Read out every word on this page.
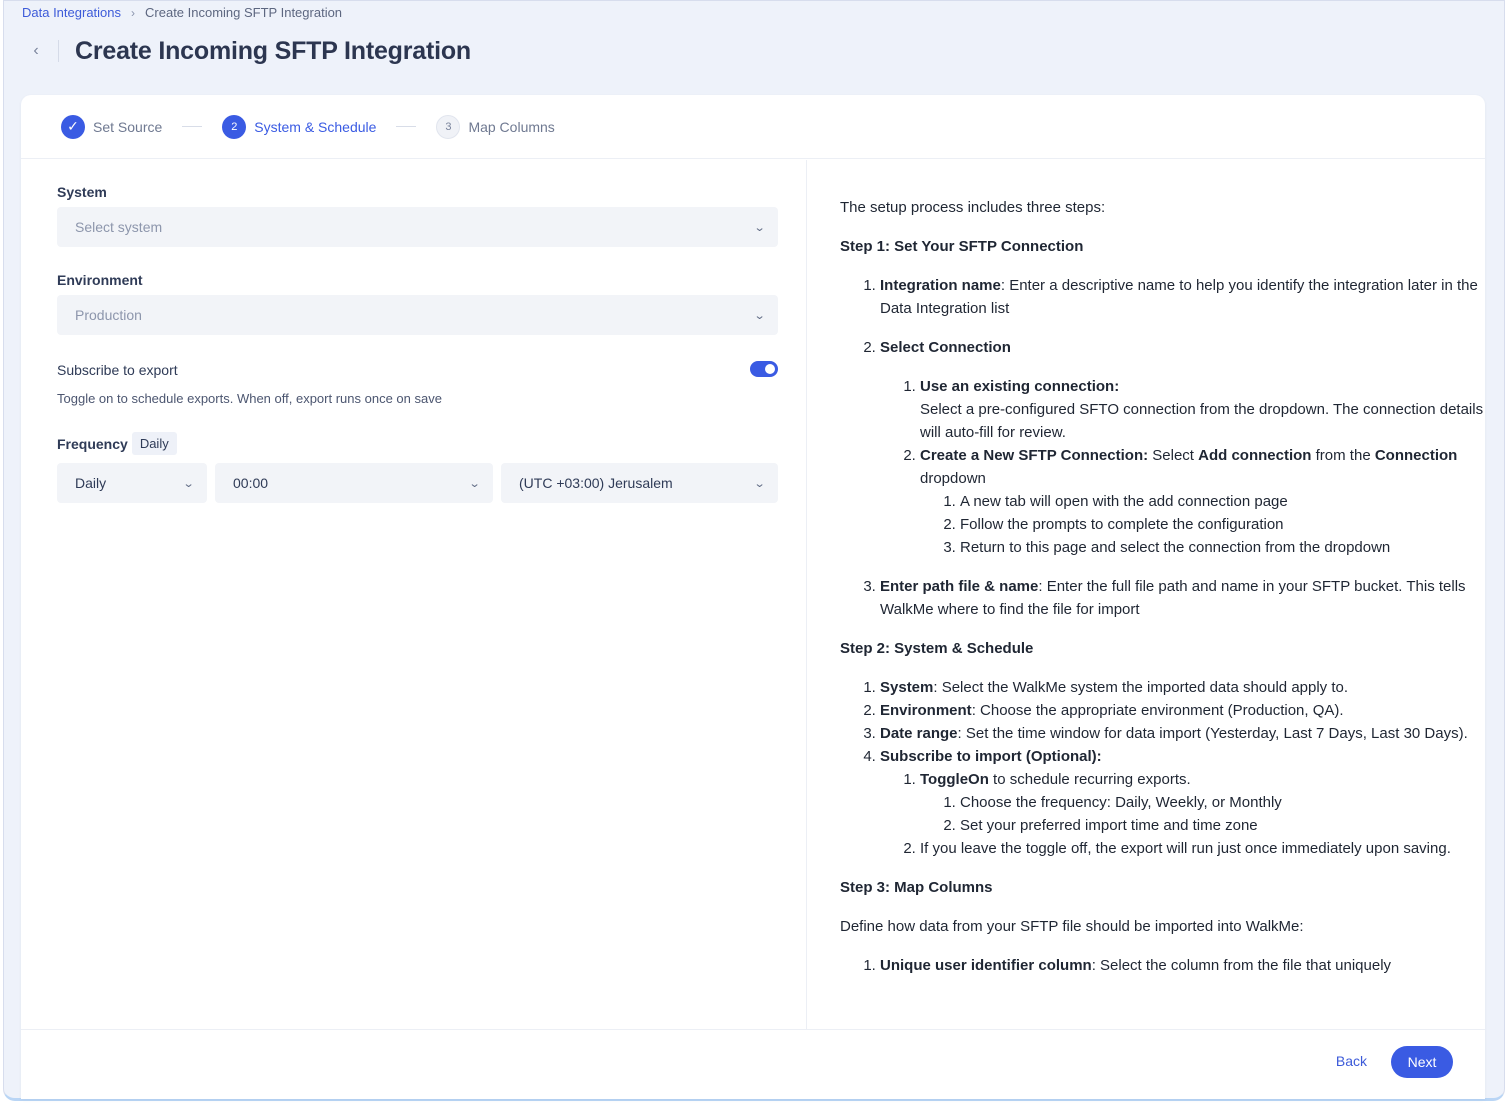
Data Integrations › Create Incoming SFTP Integration
‹	Create Incoming SFTP Integration
✓	Set Source	2	System & Schedule	3	Map Columns
System
Select system	⌄
Environment
Production	⌄
Subscribe to export
Toggle on to schedule exports. When off, export runs once on save
Frequency Daily
Daily	⌄	00:00	⌄	(UTC +03:00) Jerusalem	⌄

The setup process includes three steps:

Step 1: Set Your SFTP Connection
1. Integration name: Enter a descriptive name to help you identify the integration later in the Data Integration list
2. Select Connection
1. Use an existing connection:
Select a pre-configured SFTO connection from the dropdown. The connection details will auto-fill for review.
2. Create a New SFTP Connection: Select Add connection from the Connection dropdown
1. A new tab will open with the add connection page
2. Follow the prompts to complete the configuration
3. Return to this page and select the connection from the dropdown
3. Enter path file & name: Enter the full file path and name in your SFTP bucket. This tells WalkMe where to find the file for import
Step 2: System & Schedule
1. System: Select the WalkMe system the imported data should apply to.
2. Environment: Choose the appropriate environment (Production, QA).
3. Date range: Set the time window for data import (Yesterday, Last 7 Days, Last 30 Days).
4. Subscribe to import (Optional):
1. ToggleOn to schedule recurring exports.
1. Choose the frequency: Daily, Weekly, or Monthly
2. Set your preferred import time and time zone
2. If you leave the toggle off, the export will run just once immediately upon saving.
Step 3: Map Columns

Define how data from your SFTP file should be imported into WalkMe:

1. Unique user identifier column: Select the column from the file that uniquely
Back	Next
